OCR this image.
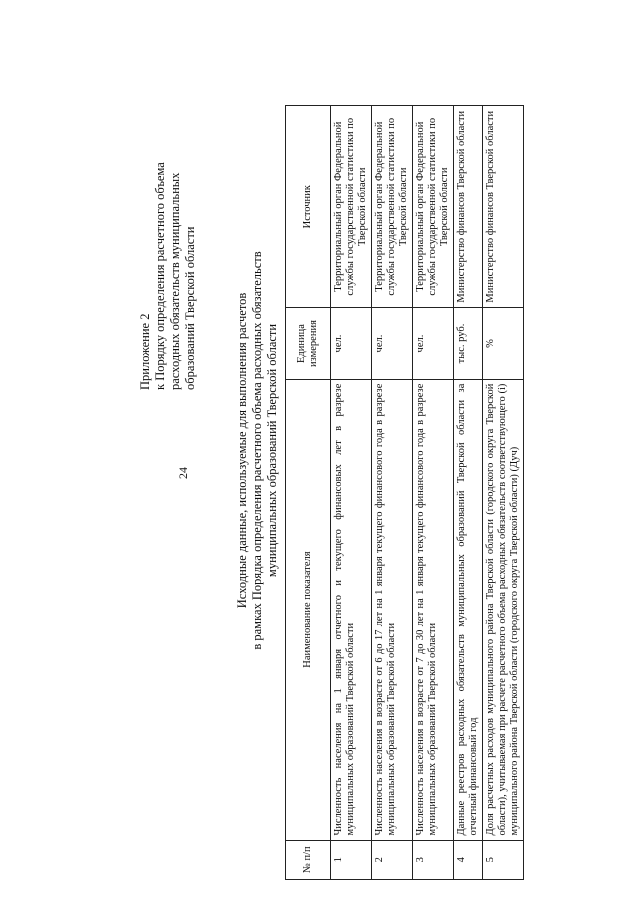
24
Приложение 2 к Порядку определения расчетного объема расходных обязательств муниципальных образований Тверской области	Исходные данные, используемые для выполнения расчетов в рамках Порядка определения расчетного объема расходных обязательств муниципальных образований Тверской области
№ п/п	Наименование показателя	Единица измерения	Источник
1	Численность населения на 1 января отчетного и текущего финансовых лет в разрезе муниципальных образований Тверской области	чел.	Территориальный орган Федеральной службы государственной статистики по Тверской области
2	Численность населения в возрасте от 6 до 17 лет на 1 января текущего финансового года в разрезе муниципальных образований Тверской области	чел.	Территориальный орган Федеральной службы государственной статистики по Тверской области
3	Численность населения в возрасте от 7 до 30 лет на 1 января текущего финансового года в разрезе муниципальных образований Тверской области	чел.	Территориальный орган Федеральной службы государственной статистики по Тверской области
4	Данные реестров расходных обязательств муниципальных образований Тверской области за отчетный финансовый год	тыс. руб.	Министерство финансов Тверской области
5	Доля расчетных расходов муниципального района Тверской области (городского округа Тверской области), учитываемая при расчете расчетного объема расходных обязательств соответствующего (i) муниципального района Тверской области (городского округа Тверской области) (Дуч)	%	Министерство финансов Тверской области
